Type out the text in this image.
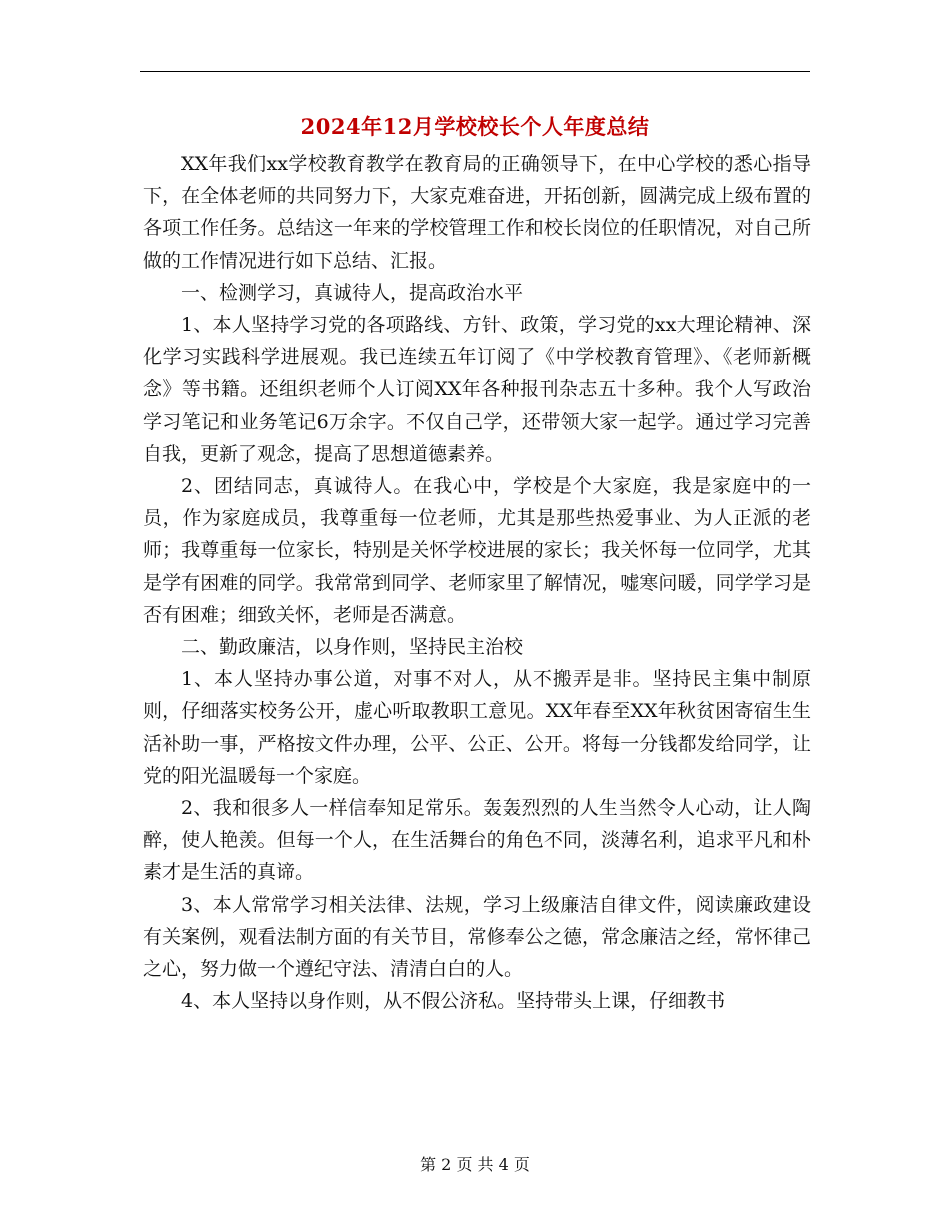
2024年12月学校校长个人年度总结

XX年我们xx学校教育教学在教育局的正确领导下，在中心学校的悉心指导下，在全体老师的共同努力下，大家克难奋进，开拓创新，圆满完成上级布置的各项工作任务。总结这一年来的学校管理工作和校长岗位的任职情况，对自己所做的工作情况进行如下总结、汇报。

一、检测学习，真诚待人，提高政治水平

1、本人坚持学习党的各项路线、方针、政策，学习党的xx大理论精神、深化学习实践科学进展观。我已连续五年订阅了《中学校教育管理》、《老师新概念》等书籍。还组织老师个人订阅XX年各种报刊杂志五十多种。我个人写政治学习笔记和业务笔记6万余字。不仅自己学，还带领大家一起学。通过学习完善自我，更新了观念，提高了思想道德素养。

2、团结同志，真诚待人。在我心中，学校是个大家庭，我是家庭中的一员，作为家庭成员，我尊重每一位老师，尤其是那些热爱事业、为人正派的老师；我尊重每一位家长，特别是关怀学校进展的家长；我关怀每一位同学，尤其是学有困难的同学。我常常到同学、老师家里了解情况，嘘寒问暖，同学学习是否有困难；细致关怀，老师是否满意。

二、勤政廉洁，以身作则，坚持民主治校

1、本人坚持办事公道，对事不对人，从不搬弄是非。坚持民主集中制原则，仔细落实校务公开，虚心听取教职工意见。XX年春至XX年秋贫困寄宿生生活补助一事，严格按文件办理，公平、公正、公开。将每一分钱都发给同学，让党的阳光温暖每一个家庭。

2、我和很多人一样信奉知足常乐。轰轰烈烈的人生当然令人心动，让人陶醉，使人艳羡。但每一个人，在生活舞台的角色不同，淡薄名利，追求平凡和朴素才是生活的真谛。

3、本人常常学习相关法律、法规，学习上级廉洁自律文件，阅读廉政建设有关案例，观看法制方面的有关节目，常修奉公之德，常念廉洁之经，常怀律己之心，努力做一个遵纪守法、清清白白的人。

4、本人坚持以身作则，从不假公济私。坚持带头上课，仔细教书

第 2 页 共 4 页
